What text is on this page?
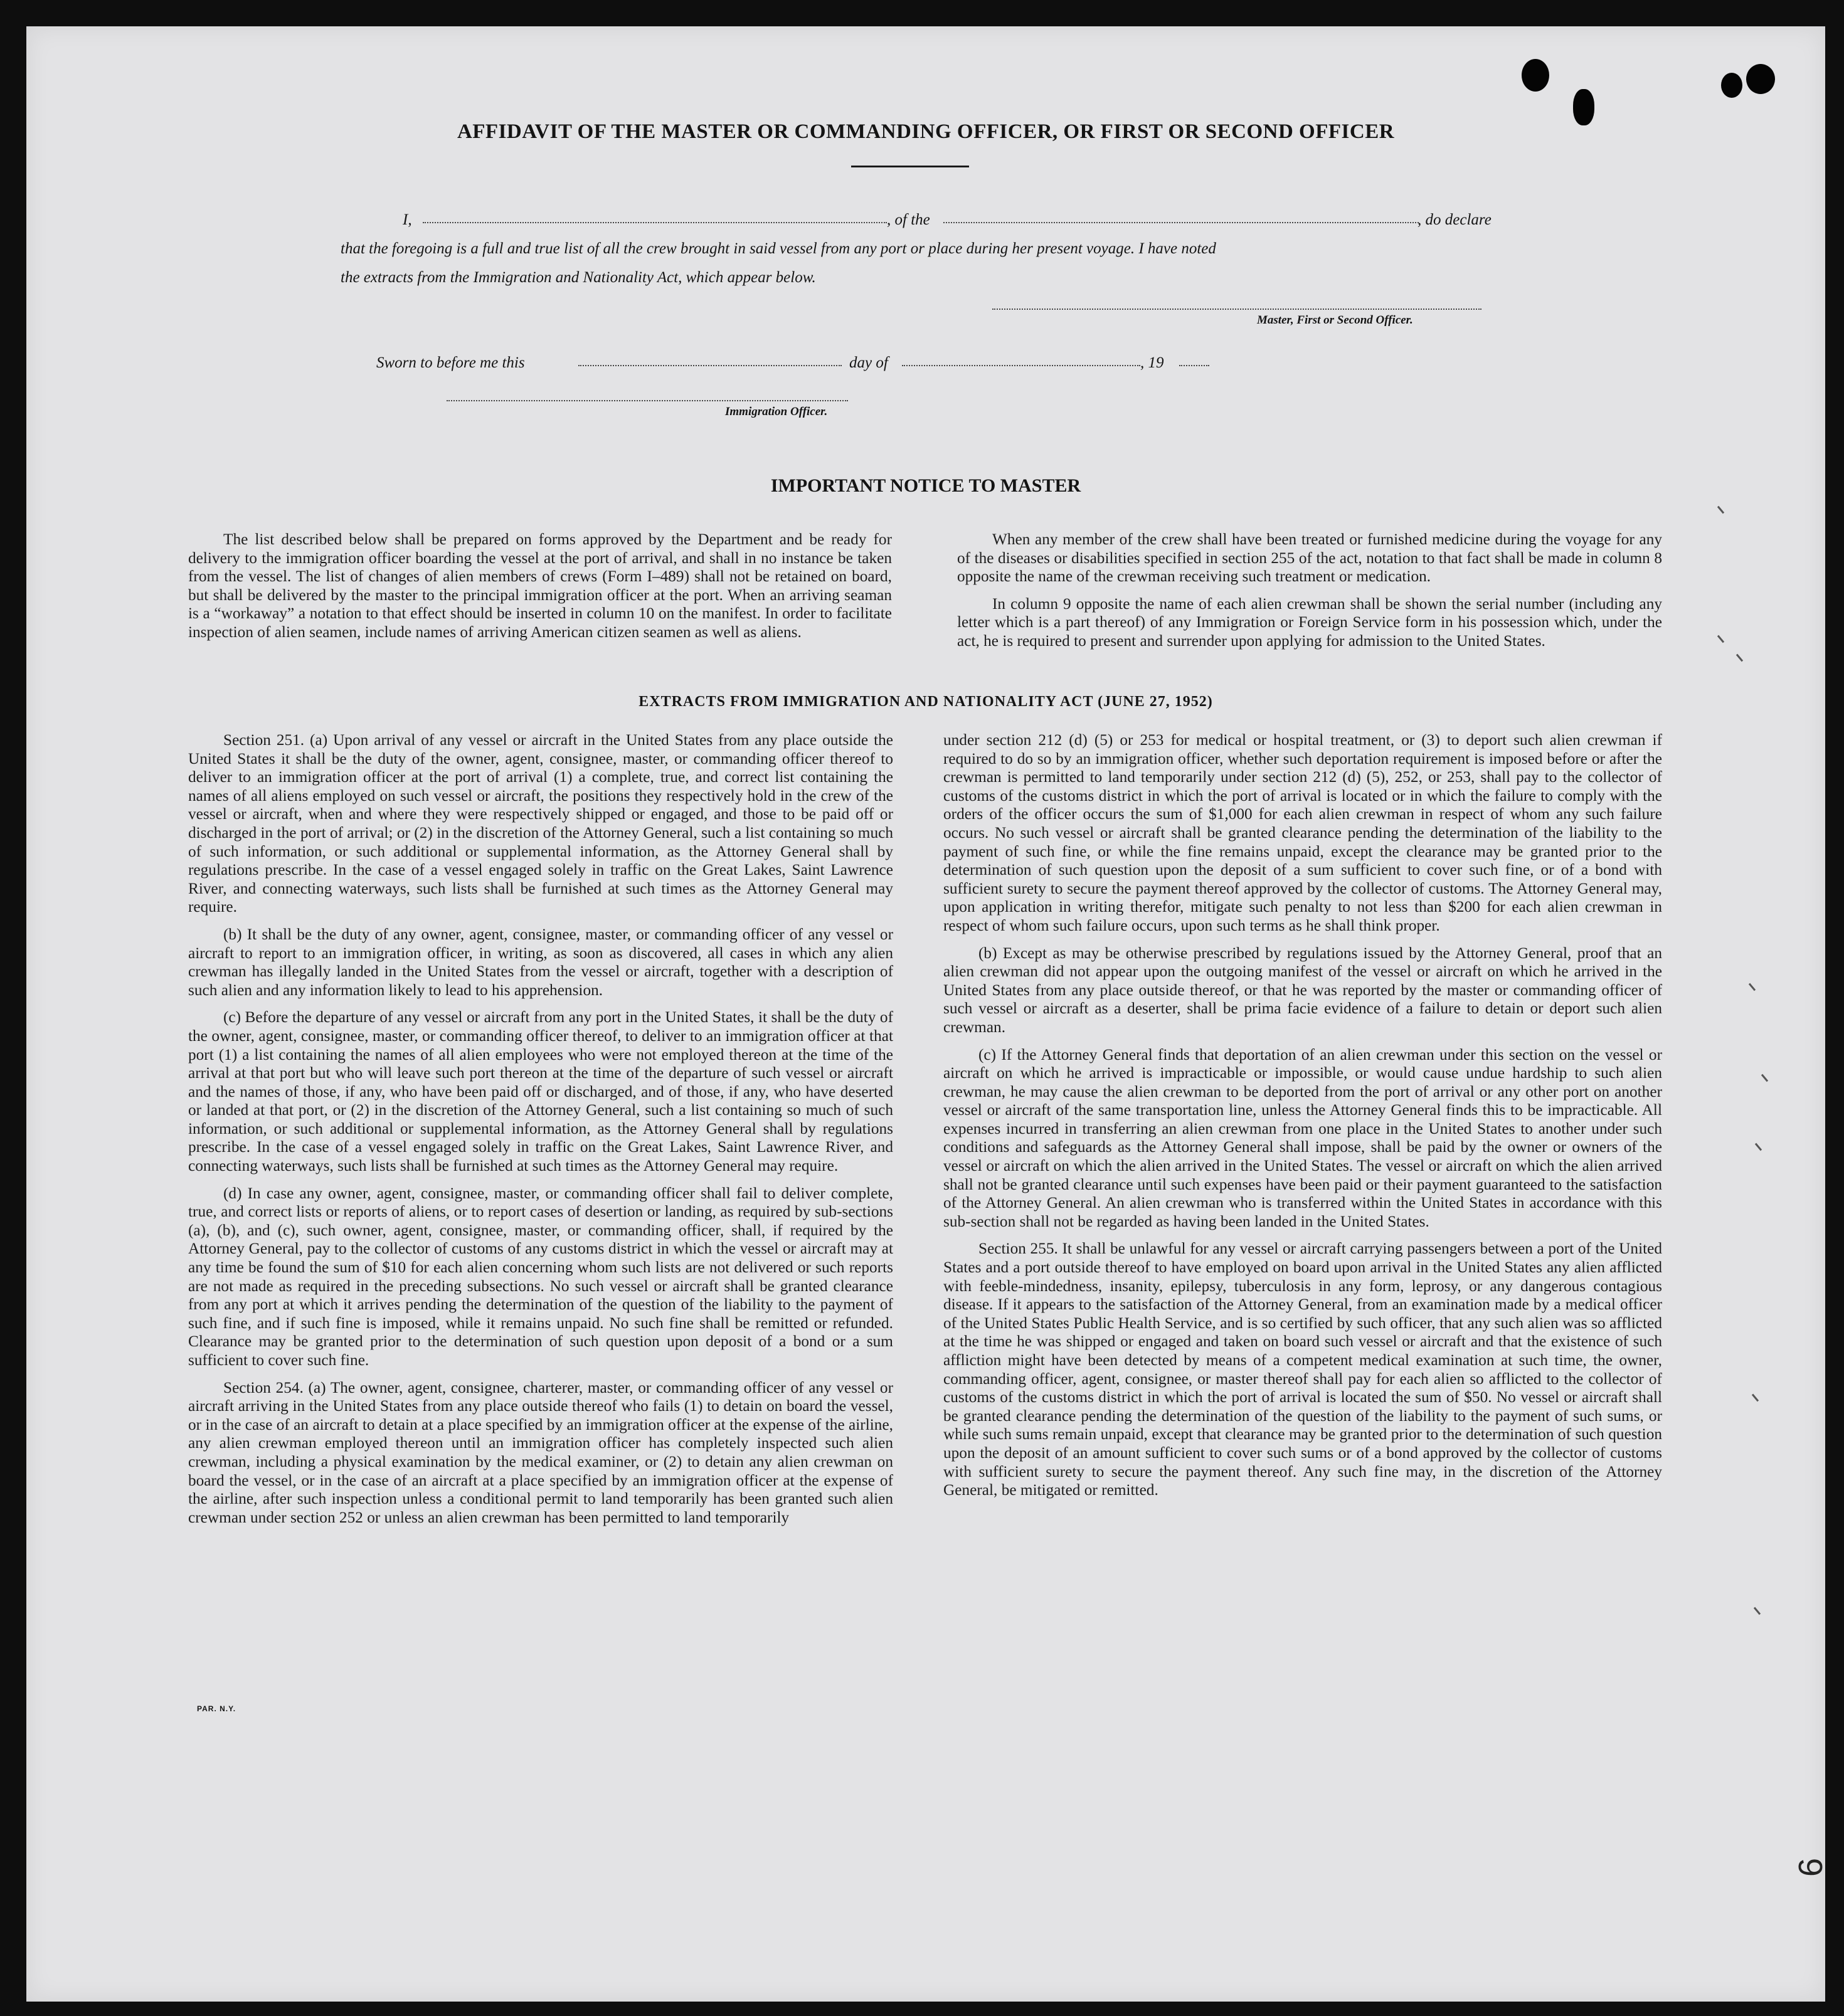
AFFIDAVIT OF THE MASTER OR COMMANDING OFFICER, OR FIRST OR SECOND OFFICER
I,	, of the	, do declare
that the foregoing is a full and true list of all the crew brought in said vessel from any port or place during her present voyage. I have noted
the extracts from the Immigration and Nationality Act, which appear below.
Master, First or Second Officer.
Sworn to before me this	day of	, 19
Immigration Officer.
IMPORTANT NOTICE TO MASTER

The list described below shall be prepared on forms approved by the Department and be ready for delivery to the immigration officer boarding the vessel at the port of arrival, and shall in no instance be taken from the vessel. The list of changes of alien members of crews (Form I–489) shall not be retained on board, but shall be delivered by the master to the principal immigration officer at the port. When an arriving seaman is a “workaway” a notation to that effect should be inserted in column 10 on the manifest. In order to facilitate inspection of alien seamen, include names of arriving American citizen seamen as well as aliens.

When any member of the crew shall have been treated or furnished medicine during the voyage for any of the diseases or disabilities specified in section 255 of the act, notation to that fact shall be made in column 8 opposite the name of the crewman receiving such treatment or medication.

In column 9 opposite the name of each alien crewman shall be shown the serial number (including any letter which is a part thereof) of any Immigration or Foreign Service form in his possession which, under the act, he is required to present and surrender upon applying for admission to the United States.

EXTRACTS FROM IMMIGRATION AND NATIONALITY ACT (JUNE 27, 1952)

Section 251. (a) Upon arrival of any vessel or aircraft in the United States from any place outside the United States it shall be the duty of the owner, agent, consignee, master, or commanding officer thereof to deliver to an immigration officer at the port of arrival (1) a complete, true, and correct list containing the names of all aliens employed on such vessel or aircraft, the positions they respectively hold in the crew of the vessel or aircraft, when and where they were respectively shipped or engaged, and those to be paid off or discharged in the port of arrival; or (2) in the discretion of the Attorney General, such a list containing so much of such information, or such additional or supplemental information, as the Attorney General shall by regulations prescribe. In the case of a vessel engaged solely in traffic on the Great Lakes, Saint Lawrence River, and connecting waterways, such lists shall be furnished at such times as the Attorney General may require.

(b) It shall be the duty of any owner, agent, consignee, master, or commanding officer of any vessel or aircraft to report to an immigration officer, in writing, as soon as discovered, all cases in which any alien crewman has illegally landed in the United States from the vessel or aircraft, together with a description of such alien and any information likely to lead to his apprehension.

(c) Before the departure of any vessel or aircraft from any port in the United States, it shall be the duty of the owner, agent, consignee, master, or commanding officer thereof, to deliver to an immigration officer at that port (1) a list containing the names of all alien employees who were not employed thereon at the time of the arrival at that port but who will leave such port thereon at the time of the departure of such vessel or aircraft and the names of those, if any, who have been paid off or discharged, and of those, if any, who have deserted or landed at that port, or (2) in the discretion of the Attorney General, such a list containing so much of such information, or such additional or supplemental information, as the Attorney General shall by regulations prescribe. In the case of a vessel engaged solely in traffic on the Great Lakes, Saint Lawrence River, and connecting waterways, such lists shall be furnished at such times as the Attorney General may require.

(d) In case any owner, agent, consignee, master, or commanding officer shall fail to deliver complete, true, and correct lists or reports of aliens, or to report cases of desertion or landing, as required by sub-sections (a), (b), and (c), such owner, agent, consignee, master, or commanding officer, shall, if required by the Attorney General, pay to the collector of customs of any customs district in which the vessel or aircraft may at any time be found the sum of $10 for each alien concerning whom such lists are not delivered or such reports are not made as required in the preceding subsections. No such vessel or aircraft shall be granted clearance from any port at which it arrives pending the determination of the question of the liability to the payment of such fine, and if such fine is imposed, while it remains unpaid. No such fine shall be remitted or refunded. Clearance may be granted prior to the determination of such question upon deposit of a bond or a sum sufficient to cover such fine.

Section 254. (a) The owner, agent, consignee, charterer, master, or commanding officer of any vessel or aircraft arriving in the United States from any place outside thereof who fails (1) to detain on board the vessel, or in the case of an aircraft to detain at a place specified by an immigration officer at the expense of the airline, any alien crewman employed thereon until an immigration officer has completely inspected such alien crewman, including a physical examination by the medical examiner, or (2) to detain any alien crewman on board the vessel, or in the case of an aircraft at a place specified by an immigration officer at the expense of the airline, after such inspection unless a conditional permit to land temporarily has been granted such alien crewman under section 252 or unless an alien crewman has been permitted to land temporarily

under section 212 (d) (5) or 253 for medical or hospital treatment, or (3) to deport such alien crewman if required to do so by an immigration officer, whether such deportation requirement is imposed before or after the crewman is permitted to land temporarily under section 212 (d) (5), 252, or 253, shall pay to the collector of customs of the customs district in which the port of arrival is located or in which the failure to comply with the orders of the officer occurs the sum of $1,000 for each alien crewman in respect of whom any such failure occurs. No such vessel or aircraft shall be granted clearance pending the determination of the liability to the payment of such fine, or while the fine remains unpaid, except the clearance may be granted prior to the determination of such question upon the deposit of a sum sufficient to cover such fine, or of a bond with sufficient surety to secure the payment thereof approved by the collector of customs. The Attorney General may, upon application in writing therefor, mitigate such penalty to not less than $200 for each alien crewman in respect of whom such failure occurs, upon such terms as he shall think proper.

(b) Except as may be otherwise prescribed by regulations issued by the Attorney General, proof that an alien crewman did not appear upon the outgoing manifest of the vessel or aircraft on which he arrived in the United States from any place outside thereof, or that he was reported by the master or commanding officer of such vessel or aircraft as a deserter, shall be prima facie evidence of a failure to detain or deport such alien crewman.

(c) If the Attorney General finds that deportation of an alien crewman under this section on the vessel or aircraft on which he arrived is impracticable or impossible, or would cause undue hardship to such alien crewman, he may cause the alien crewman to be deported from the port of arrival or any other port on another vessel or aircraft of the same transportation line, unless the Attorney General finds this to be impracticable. All expenses incurred in transferring an alien crewman from one place in the United States to another under such conditions and safeguards as the Attorney General shall impose, shall be paid by the owner or owners of the vessel or aircraft on which the alien arrived in the United States. The vessel or aircraft on which the alien arrived shall not be granted clearance until such expenses have been paid or their payment guaranteed to the satisfaction of the Attorney General. An alien crewman who is transferred within the United States in accordance with this sub-section shall not be regarded as having been landed in the United States.

Section 255. It shall be unlawful for any vessel or aircraft carrying passengers between a port of the United States and a port outside thereof to have employed on board upon arrival in the United States any alien afflicted with feeble-mindedness, insanity, epilepsy, tuberculosis in any form, leprosy, or any dangerous contagious disease. If it appears to the satisfaction of the Attorney General, from an examination made by a medical officer of the United States Public Health Service, and is so certified by such officer, that any such alien was so afflicted at the time he was shipped or engaged and taken on board such vessel or aircraft and that the existence of such affliction might have been detected by means of a competent medical examination at such time, the owner, commanding officer, agent, consignee, or master thereof shall pay for each alien so afflicted to the collector of customs of the customs district in which the port of arrival is located the sum of $50. No vessel or aircraft shall be granted clearance pending the determination of the question of the liability to the payment of such sums, or while such sums remain unpaid, except that clearance may be granted prior to the determination of such question upon the deposit of an amount sufficient to cover such sums or of a bond approved by the collector of customs with sufficient surety to secure the payment thereof. Any such fine may, in the discretion of the Attorney General, be mitigated or remitted.

PAR. N.Y.
6
